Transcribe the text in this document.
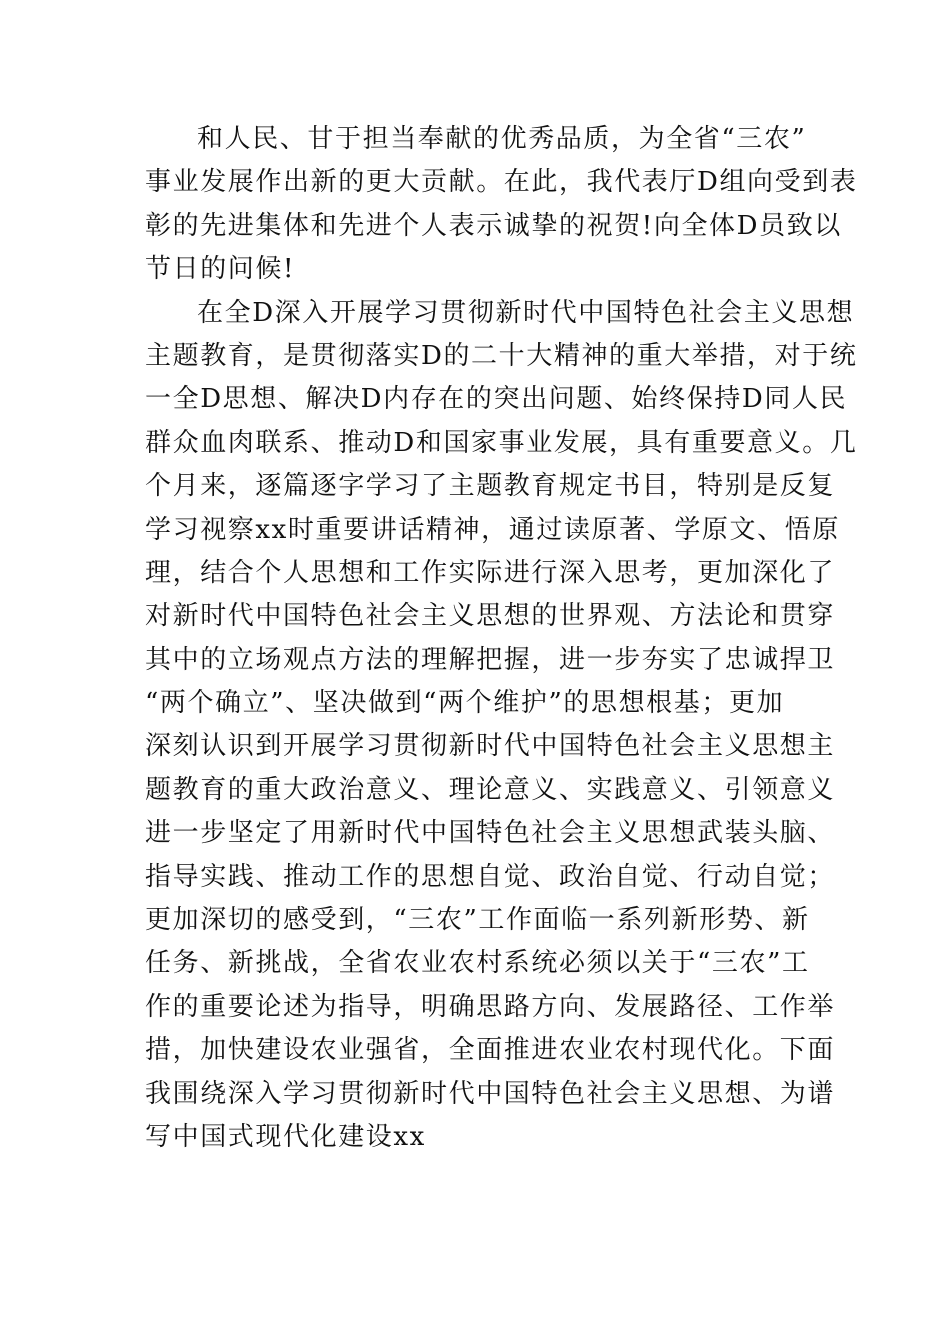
和人民、甘于担当奉献的优秀品质，为全省“三农”
事业发展作出新的更大贡献。在此，我代表厅D组向受到表
彰的先进集体和先进个人表示诚挚的祝贺!向全体D员致以
节日的问候!
在全D深入开展学习贯彻新时代中国特色社会主义思想
主题教育，是贯彻落实D的二十大精神的重大举措，对于统
一全D思想、解决D内存在的突出问题、始终保持D同人民
群众血肉联系、推动D和国家事业发展，具有重要意义。几
个月来，逐篇逐字学习了主题教育规定书目，特别是反复
学习视察xx时重要讲话精神，通过读原著、学原文、悟原
理，结合个人思想和工作实际进行深入思考，更加深化了
对新时代中国特色社会主义思想的世界观、方法论和贯穿
其中的立场观点方法的理解把握，进一步夯实了忠诚捍卫
“两个确立”、坚决做到“两个维护”的思想根基；更加
深刻认识到开展学习贯彻新时代中国特色社会主义思想主
题教育的重大政治意义、理论意义、实践意义、引领意义
进一步坚定了用新时代中国特色社会主义思想武装头脑、
指导实践、推动工作的思想自觉、政治自觉、行动自觉；
更加深切的感受到，“三农”工作面临一系列新形势、新
任务、新挑战，全省农业农村系统必须以关于“三农”工
作的重要论述为指导，明确思路方向、发展路径、工作举
措，加快建设农业强省，全面推进农业农村现代化。下面
我围绕深入学习贯彻新时代中国特色社会主义思想、为谱
写中国式现代化建设xx
